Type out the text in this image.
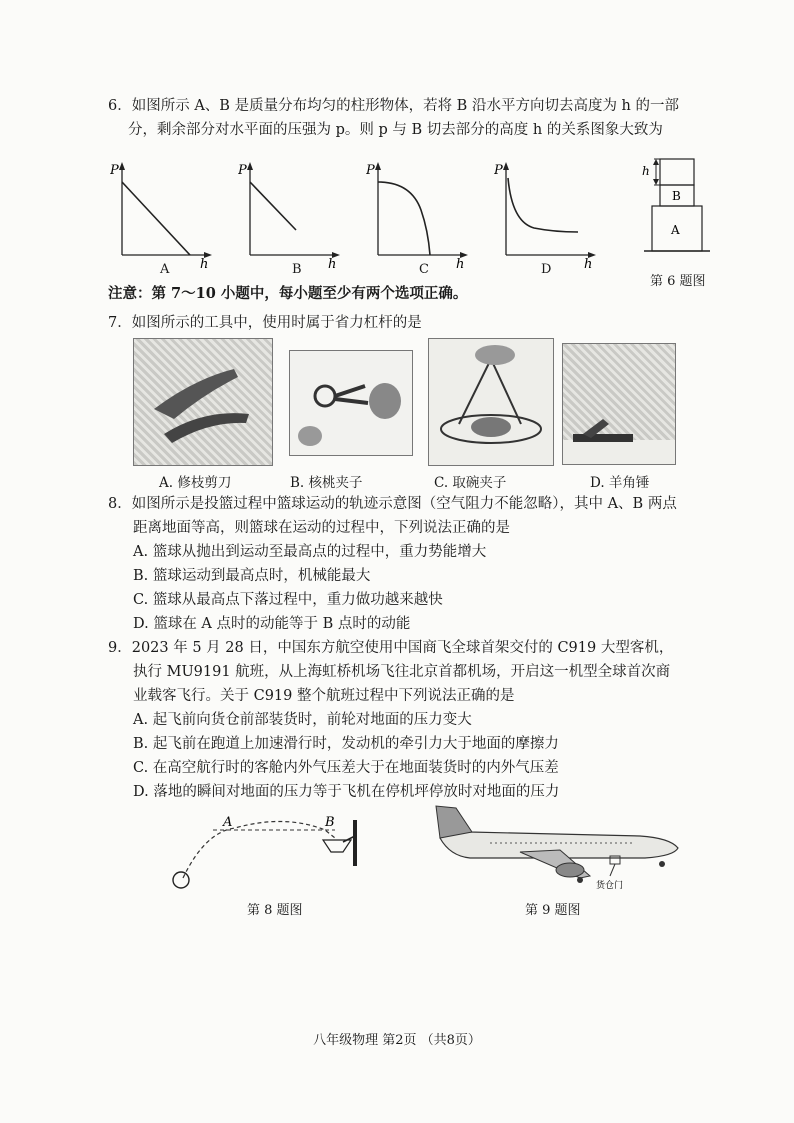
6．如图所示 A、B 是质量分布均匀的柱形物体，若将 B 沿水平方向切去高度为 h 的一部
分，剩余部分对水平面的压强为 p。则 p 与 B 切去部分的高度 h 的关系图象大致为
P
h
A
P
h
B
P
h
C
P
h
D
h
B
A
第 6 题图
注意：第 7～10 小题中，每小题至少有两个选项正确。
7．如图所示的工具中，使用时属于省力杠杆的是
A. 修枝剪刀	B. 核桃夹子	C. 取碗夹子	D. 羊角锤
8．如图所示是投篮过程中篮球运动的轨迹示意图（空气阻力不能忽略），其中 A、B 两点
距离地面等高，则篮球在运动的过程中，下列说法正确的是
A. 篮球从抛出到运动至最高点的过程中，重力势能增大
B. 篮球运动到最高点时，机械能最大
C. 篮球从最高点下落过程中，重力做功越来越快
D. 篮球在 A 点时的动能等于 B 点时的动能
9．2023 年 5 月 28 日，中国东方航空使用中国商飞全球首架交付的 C919 大型客机，
执行 MU9191 航班，从上海虹桥机场飞往北京首都机场，开启这一机型全球首次商
业载客飞行。关于 C919 整个航班过程中下列说法正确的是
A. 起飞前向货仓前部装货时，前轮对地面的压力变大
B. 起飞前在跑道上加速滑行时，发动机的牵引力大于地面的摩擦力
C. 在高空航行时的客舱内外气压差大于在地面装货时的内外气压差
D. 落地的瞬间对地面的压力等于飞机在停机坪停放时对地面的压力
A	B
第 8 题图
货仓门
第 9 题图
八年级物理 第2页 （共8页）
